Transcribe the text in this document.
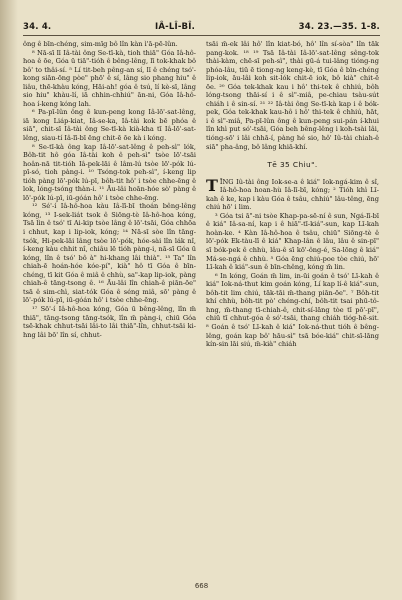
34. 4.	IÂ-LÎ-BÎ.	34. 23.—35. 1-8.

ông ê bīn-chéng, sim-mīg bô lîn kàn ì'ā-pē-lûn.

⁸ Nā-sī lī Iâ-tài ông Se-tī-kà, tioh thiā" Góa Iâ-hô-hoa ê ōe, Góa ū tiā"-tióh ê bêng-lêng, lī tok-khak bô bô' to thâi-sí. ⁵ Lí tit-beh pêng-an sí, lī ê chéng tsó'-kong siān-ōng pòe" phō' ê sí, lâng sio phang hiu" ê liâu, thē-khàu kóng, Hāi-ah! góa ê tsú, lí kè-sī, lâng sio hiu" khàu-lí, iā chhin-chhiú" ān-ni, Góa Iâ-hô-hoa í-keng kóng lah.

⁶ Pa-pī-lûn ông ê kun-peng kong Iâ-lō'-sat-lêng, iā kong Liáp-kiat, Iâ-se-ka, Iâ-tài kok bē phóa ê siā", chit-sī Iâ-tài ông Se-tī-kà kià-kha tī Iâ-lō'-sat-lêng, siau-tí Iâ-lī-bī ēng chit-ē ōe kà i kóng.

⁸ Se-tī-kà ông kap Iâ-lō'-sat-lêng ê peh-sì" lók, Bôh-tit hô góa Iâ-tài koh ê peh-sì" tsòe lō'-tsāi hoân-nā tit-tióh Iâ-pek-lāi ê lâm-lú tsòe lō'-pók lú-pī-só, tioh pàng-i. ¹⁰ Tsóng-tok peh-sì", í-keng lip tióh pàng lō'-pók lú-pī, bôh-tit hô' i tsòe chhe-ēng ê lok, lóng-tsóng thàn-i. ¹¹ Āu-lâi hoān-hóe sò' pàng ê lō'-pók lú-pī, iū-góán hô' i tsòe chhe-ēng.

¹² Sé'-í Iâ-hô-hoa kàu Iâ-lī-bī thoán bêng-lêng kóng, ¹³ I-sek-liát tsok ê Siōng-tè Iâ-hô-hoa kóng, Tsā lìn ê tsó' tī Ai-kip tsòe lâng ê lō'-tsāi, Góa chhōa i chhut, kap i lip-iok, kóng; ¹⁴ Nā-sī sòe lîn tāng-tsók, Hi-pek-lāi lâng tsòe lō'-pók, hóe-sài lîn lák nî, í-keng kàu chhit nî, chiâu lē tióh pàng-i, nā-sī Góa ū kóng, lîn ê tsó' bô à" hi-khang lâi thià". ¹⁵ Ta" lîn chiah-ē hoán-hóe kóe-pí", kià" hô tī Góa ê bīn-chéng, tī kit Góa ê miâ ê chhù, sa"-kap lip-iok, pàng chiah-ê tāng-tsong ê. ¹⁶ Āu-lâi lîn chiah-ê piān-ōe" tsā ê sim-chì, siat-tók Góa ê séng miâ, sō' pàng ê lō'-pók lú-pī, iū-góán hô' i tsòe chhe-ēng.

¹⁷ Sō'-í Iâ-hô-hoa kóng, Góa ū bêng-lêng, lîn m̄ thiā", tāng-tsong tāng-tsók, lîn m̄ pàng-i, chiū Góa tsē-khak chhut-tsāi lâi-to lâi thiā"-lîn, chhut-tsāi ki-hng lâi bō' lîn sí, chhut-

tsāi m̄-ek lâi hô' lîn kiat-bó, hô' lîn sí-sòa" lîn tāk pang-kok. ¹⁸ ¹⁹ Tsā Iâ-tài Iâ-lō'-sat-lêng sêng-tok thài-kàm, chē-sī peh-sì", thài gū-á tui-lâng tióng-ng phóa-lâu, tiū ē tiong-ng keng-kè, tī Góa ê bīn-chéng lip-iok, āu-lâi koh sit-lók chit-ē iok, bô kià" chit-ē ōe. ²⁰ Góa tek-khak kau i hô' thi-tek ê chhiú, bôh lóng-tsong thāi-sí i ê sì"-miâ, pe-chiau tsàu-sút chiáh i ê sin-sí. ²¹ ²² Iâ-tài ông Se-tī-kà kap i ê bók-pek, Góa tek-khak kau-hô i hô' thi-tek ê chhiú, hāt, i ê sì"-miâ, Pa-pī-lûn ông ê kun-peng sui-pán í-khui lîn khì put só'-tsāi, Góa beh bêng-lêng i koh-tsài lâi, tióng-sō' i lâi chhā-í, pàng hé sio, hô' Iû-tài chiah-ê siā" pha-âng, bô lâng khiā-khí.

Tē 35 Chiu".

TĪNG Iû-tài ông Iok-se-a ê kiá" Iok-ngá-kim ê sî, Iâ-hô-hoa hoan-hù Iâ-lī-bī, kóng; ² Tióh khì Lī-kah ê ke, kap i kàu Góa ê tsâu, chhiú" lâu-têng, ēng chiú hō' i lim.

³ Góa tsi ā"-ni tsòe Khap-pa-sē-ní ê sun, Ngá-lī-bī ê kiá" Iâ-sa-ní, kap i ê hiā"-tī-kiá"-sun, kap Lī-kah hoàn-ke. ⁴ Kàn Iâ-hô-hoa ê tsâu, chiū" Siōng-tè ê lō'-pók Ek-tàu-lī ê kiá" Khap-lân ê lâu, lâu ê sin-pī" sī bók-pek ê chhù, lâu-ê sī kō'-ông-é, Sa-lōng ê kiá" Má-se-ngá ê chhù. ⁵ Góa ēng chiú-poe tòe chiú, hō' Lī-kah ê kiá"-sun ê bīn-chêng, kóng m̄ lin.

⁶ In kóng, Goán m̄ lim, in-ūi goán ê tsó' Lī-kah ê kiá" Iok-ná-thut kim goán kóng, Lí kap lí-ê kiá"-sun, bôh-tit lim chiú, tāk-tāi m̄-thang piān-ōe". ⁷ Bôh-tit khí chhù, bôh-tit pò' chéng-chí, bôh-tit tsai phū-tô-hng, m̄-thang tī-chiah-ê, chit-sí-lāng tòe tī pō'-pī", chiū tī chhut-góa ê só'-tsāi, thang chiáh tióg-hē-sit. ⁸ Goán ê tsó' Lī-kah ê kiá" Iok-ná-thut tióh ê bêng-lêng, goán kap bô' hāu-sì" tsā bóe-kiá" chit-sī-lāng kín-sin lāi siú, m̄-kià" chiáh

668
